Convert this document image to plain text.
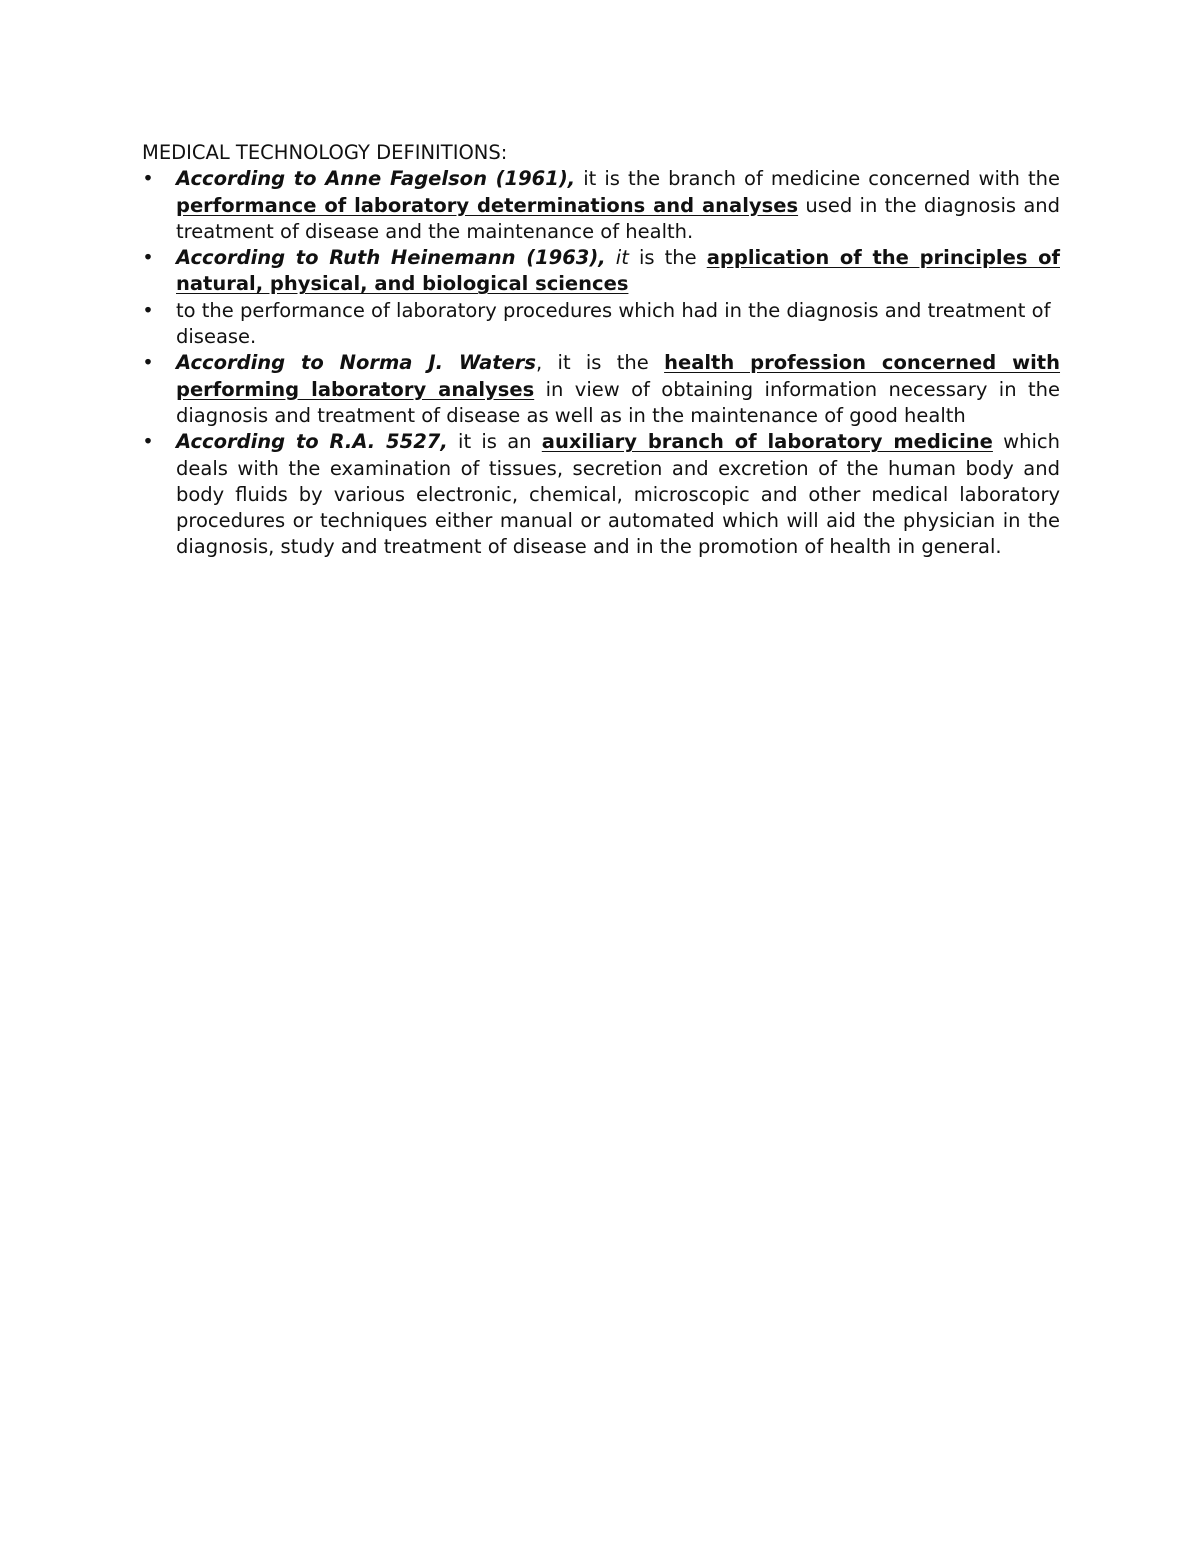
MEDICAL TECHNOLOGY DEFINITIONS:
• According to Anne Fagelson (1961), it is the branch of medicine concerned with the performance of laboratory determinations and analyses used in the diagnosis and treatment of disease and the maintenance of health.
• According to Ruth Heinemann (1963), it is the application of the principles of natural, physical, and biological sciences
• to the performance of laboratory procedures which had in the diagnosis and treatment of disease.
• According to Norma J. Waters, it is the health profession concerned with performing laboratory analyses in view of obtaining information necessary in the diagnosis and treatment of disease as well as in the maintenance of good health
• According to R.A. 5527, it is an auxiliary branch of laboratory medicine which deals with the examination of tissues, secretion and excretion of the human body and body fluids by various electronic, chemical, microscopic and other medical laboratory procedures or techniques either manual or automated which will aid the physician in the diagnosis, study and treatment of disease and in the promotion of health in general.
